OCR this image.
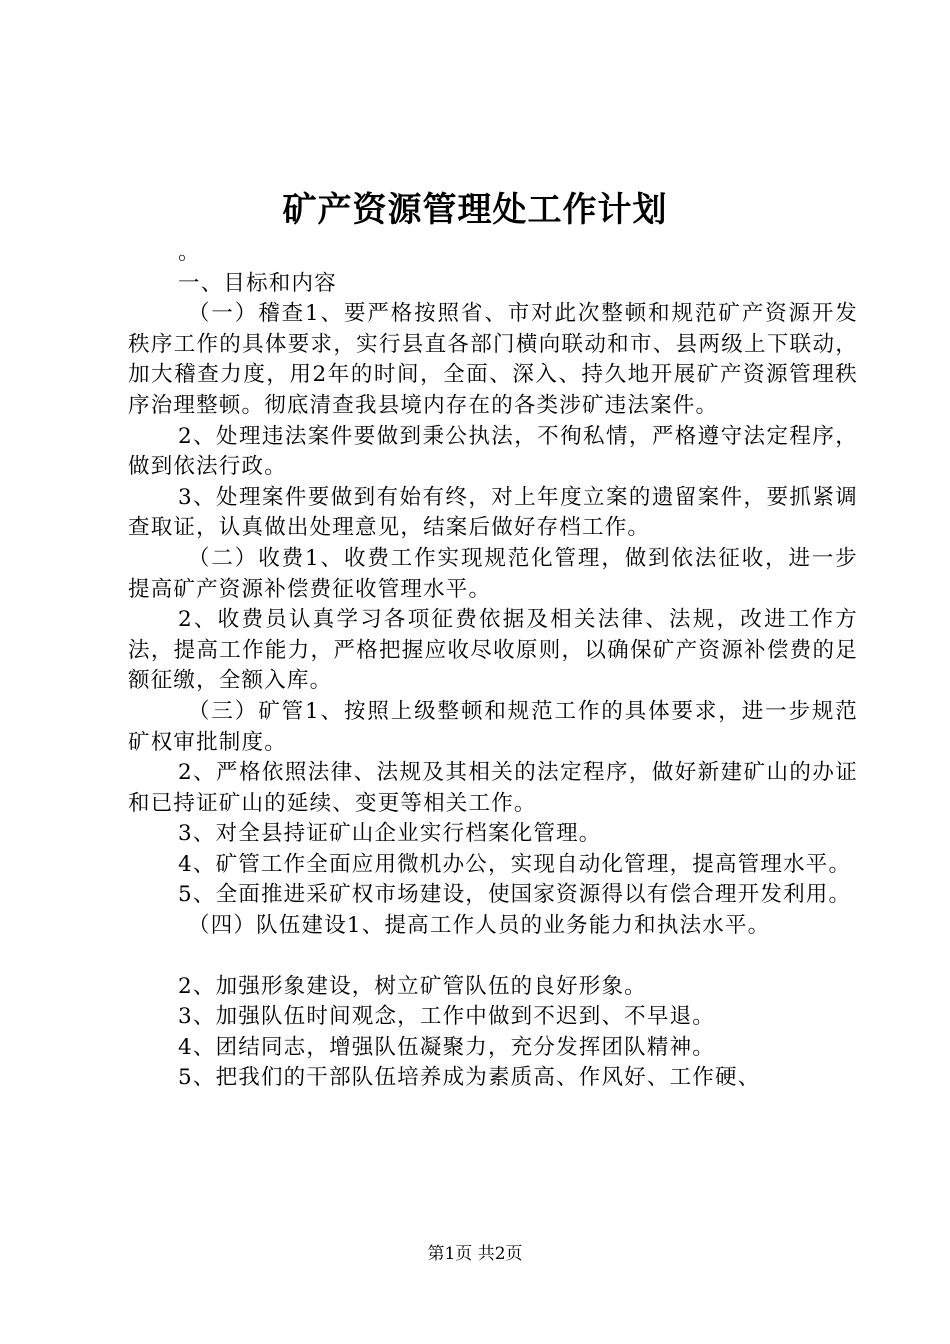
矿产资源管理处工作计划

。

一、目标和内容

（一）稽查1、要严格按照省、市对此次整顿和规范矿产资源开发秩序工作的具体要求，实行县直各部门横向联动和市、县两级上下联动，加大稽查力度，用2年的时间，全面、深入、持久地开展矿产资源管理秩序治理整顿。彻底清查我县境内存在的各类涉矿违法案件。

2、处理违法案件要做到秉公执法，不徇私情，严格遵守法定程序，做到依法行政。

3、处理案件要做到有始有终，对上年度立案的遗留案件，要抓紧调查取证，认真做出处理意见，结案后做好存档工作。

（二）收费1、收费工作实现规范化管理，做到依法征收，进一步提高矿产资源补偿费征收管理水平。

2、收费员认真学习各项征费依据及相关法律、法规，改进工作方法，提高工作能力，严格把握应收尽收原则，以确保矿产资源补偿费的足额征缴，全额入库。

（三）矿管1、按照上级整顿和规范工作的具体要求，进一步规范矿权审批制度。

2、严格依照法律、法规及其相关的法定程序，做好新建矿山的办证和已持证矿山的延续、变更等相关工作。

3、对全县持证矿山企业实行档案化管理。

4、矿管工作全面应用微机办公，实现自动化管理，提高管理水平。

5、全面推进采矿权市场建设，使国家资源得以有偿合理开发利用。

（四）队伍建设1、提高工作人员的业务能力和执法水平。

2、加强形象建设，树立矿管队伍的良好形象。

3、加强队伍时间观念，工作中做到不迟到、不早退。

4、团结同志，增强队伍凝聚力，充分发挥团队精神。

5、把我们的干部队伍培养成为素质高、作风好、工作硬、

第1页 共2页
